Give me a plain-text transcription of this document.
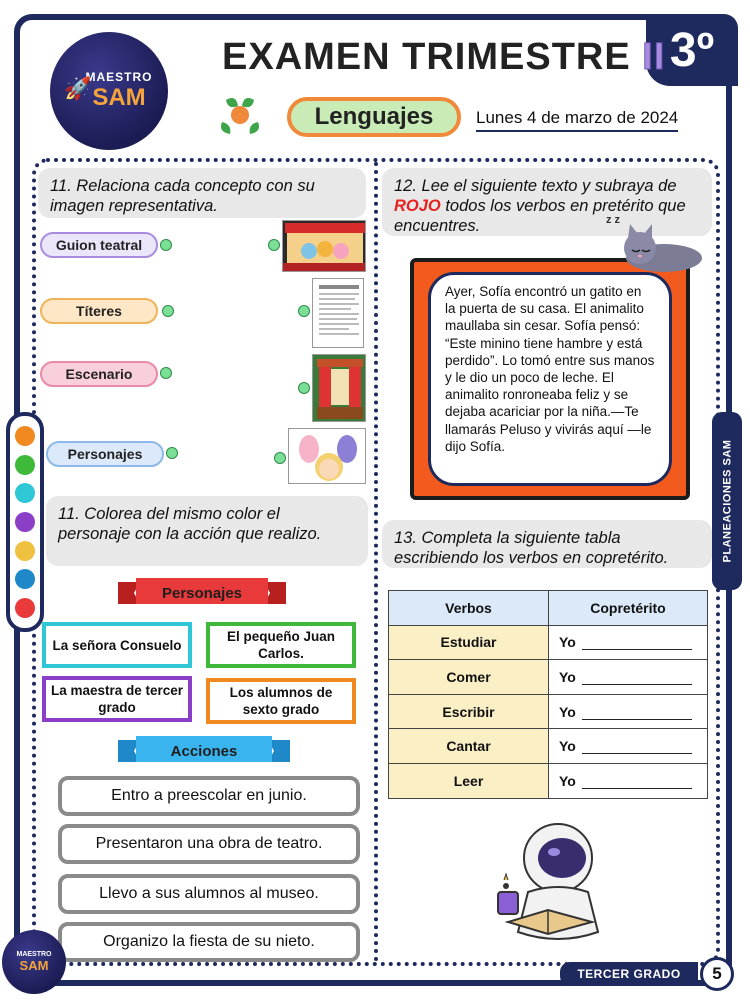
3º
🚀
MAESTRO
SAM
EXAMEN TRIMESTRE II
Lenguajes	Lunes 4 de marzo de 2024
11. Relaciona cada concepto con su imagen representativa.
Guion teatral
Títeres
Escenario
Personajes
11. Colorea del mismo color el personaje con la acción que realizo.
Personajes
La señora Consuelo
El pequeño Juan Carlos.
La maestra de tercer grado
Los alumnos de sexto grado
Acciones
Entro a preescolar en junio.
Presentaron una obra de teatro.
Llevo a sus alumnos al museo.
Organizo la fiesta de su nieto.
12. Lee el siguiente texto y subraya de ROJO todos los verbos en pretérito que encuentres.
Ayer, Sofía encontró un gatito en la puerta de su casa. El animalito maullaba sin cesar. Sofía pensó: “Este minino tiene hambre y está perdido”. Lo tomó entre sus manos y le dio un poco de leche. El animalito ronroneaba feliz y se dejaba acariciar por la niña.—Te llamarás Peluso y vivirás aquí —le dijo Sofía.
z z
13. Completa la siguiente tabla escribiendo los verbos en copretérito.
Verbos	Copretérito
Estudiar	Yo
Comer	Yo
Escribir	Yo
Cantar	Yo
Leer	Yo
PLANEACIONES SAM
MAESTRO
SAM
TERCER GRADO	5
